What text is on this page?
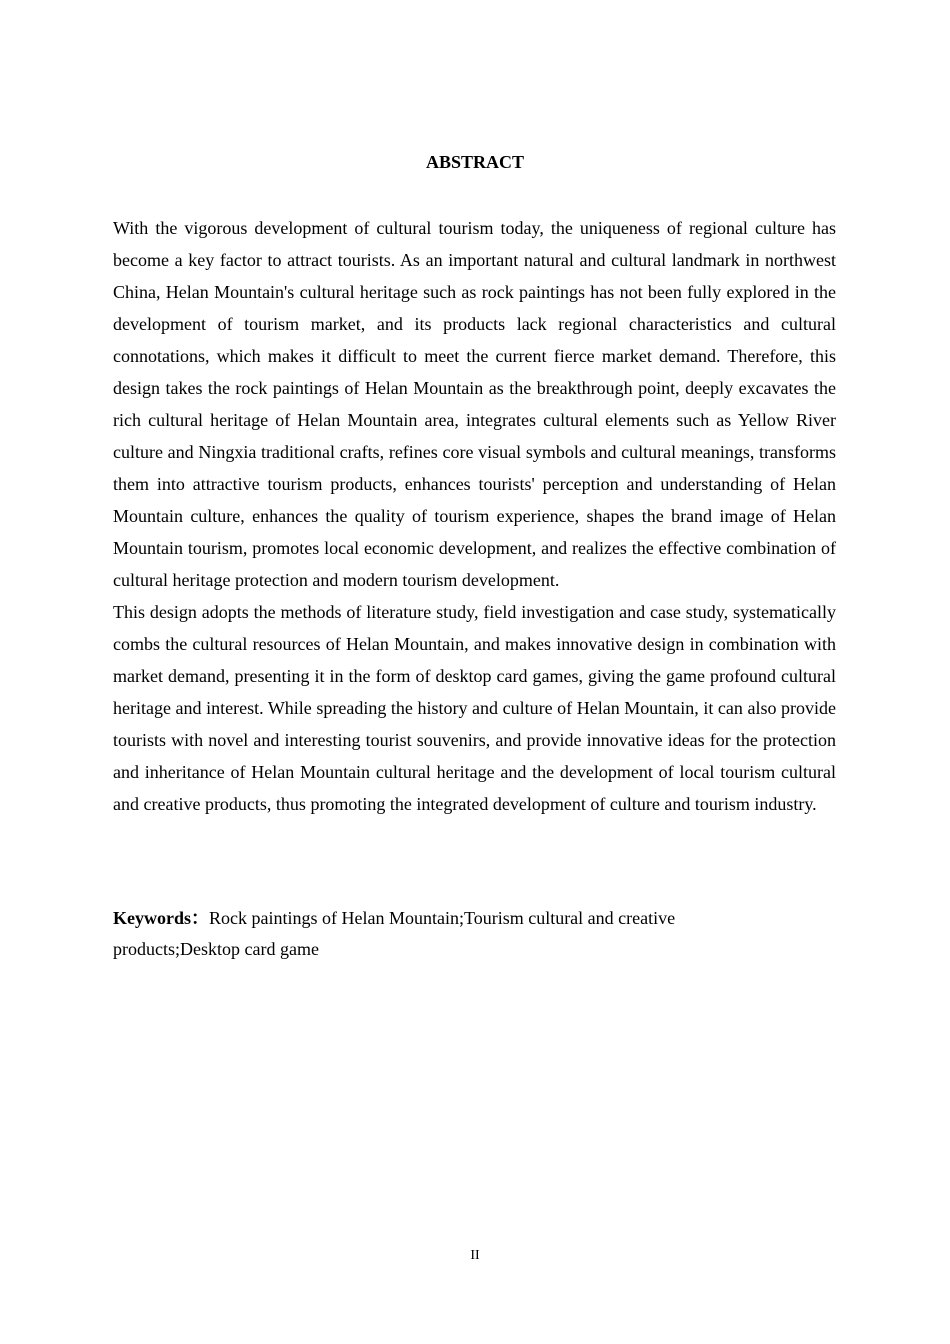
ABSTRACT

With the vigorous development of cultural tourism today, the uniqueness of regional culture has become a key factor to attract tourists. As an important natural and cultural landmark in northwest China, Helan Mountain's cultural heritage such as rock paintings has not been fully explored in the development of tourism market, and its products lack regional characteristics and cultural connotations, which makes it difficult to meet the current fierce market demand. Therefore, this design takes the rock paintings of Helan Mountain as the breakthrough point, deeply excavates the rich cultural heritage of Helan Mountain area, integrates cultural elements such as Yellow River culture and Ningxia traditional crafts, refines core visual symbols and cultural meanings, transforms them into attractive tourism products, enhances tourists' perception and understanding of Helan Mountain culture, enhances the quality of tourism experience, shapes the brand image of Helan Mountain tourism, promotes local economic development, and realizes the effective combination of cultural heritage protection and modern tourism development.

This design adopts the methods of literature study, field investigation and case study, systematically combs the cultural resources of Helan Mountain, and makes innovative design in combination with market demand, presenting it in the form of desktop card games, giving the game profound cultural heritage and interest. While spreading the history and culture of Helan Mountain, it can also provide tourists with novel and interesting tourist souvenirs, and provide innovative ideas for the protection and inheritance of Helan Mountain cultural heritage and the development of local tourism cultural and creative products, thus promoting the integrated development of culture and tourism industry.

Keywords：Rock paintings of Helan Mountain;Tourism cultural and creative products;Desktop card game
II
